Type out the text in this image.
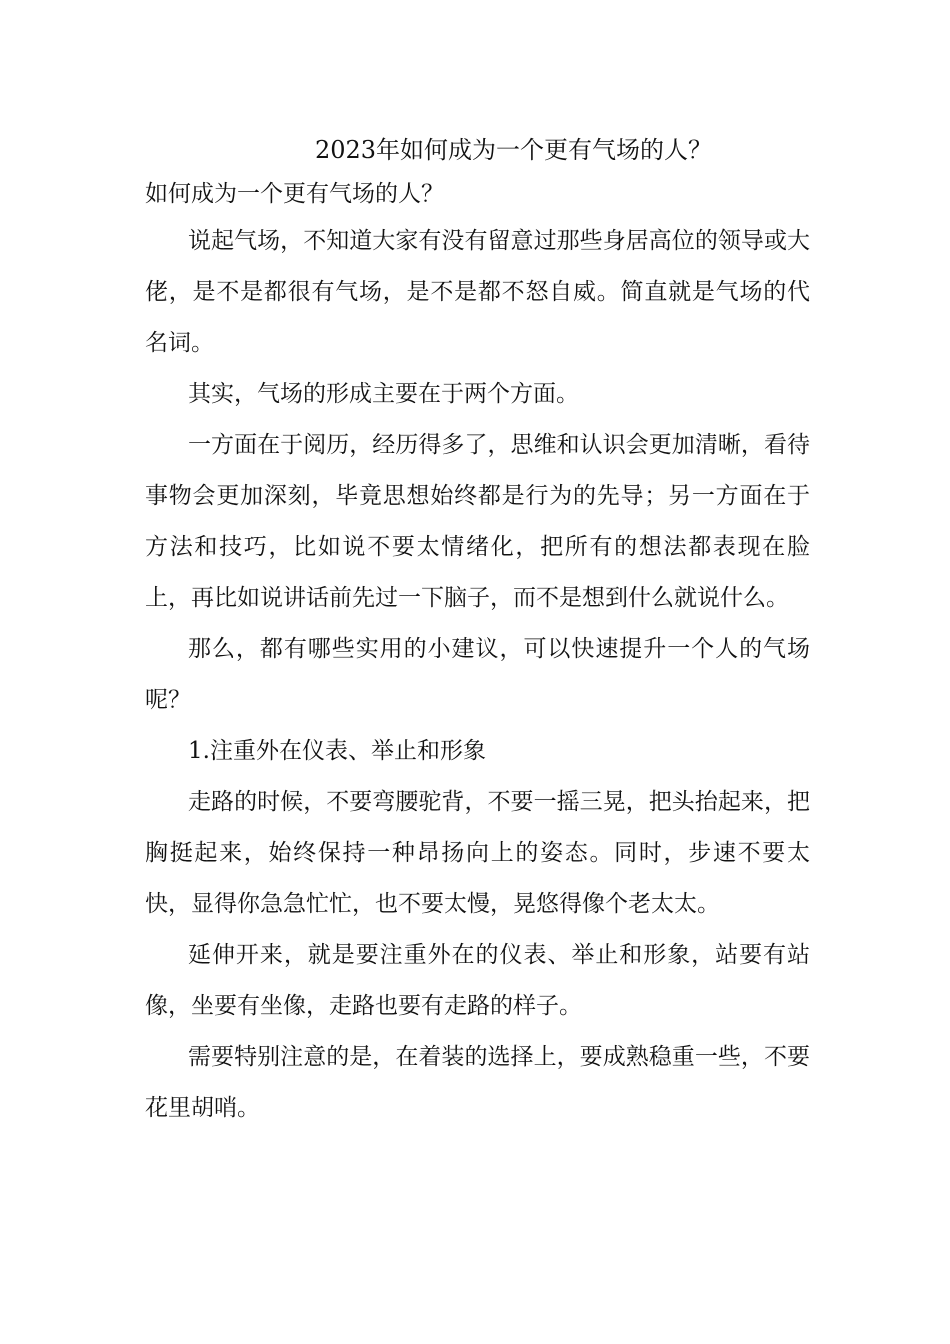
2023年如何成为一个更有气场的人？
如何成为一个更有气场的人？

说起气场，不知道大家有没有留意过那些身居高位的领导或大佬，是不是都很有气场，是不是都不怒自威。简直就是气场的代名词。

其实，气场的形成主要在于两个方面。

一方面在于阅历，经历得多了，思维和认识会更加清晰，看待事物会更加深刻，毕竟思想始终都是行为的先导；另一方面在于方法和技巧，比如说不要太情绪化，把所有的想法都表现在脸上，再比如说讲话前先过一下脑子，而不是想到什么就说什么。

那么，都有哪些实用的小建议，可以快速提升一个人的气场呢？

1.注重外在仪表、举止和形象

走路的时候，不要弯腰驼背，不要一摇三晃，把头抬起来，把胸挺起来，始终保持一种昂扬向上的姿态。同时，步速不要太快，显得你急急忙忙，也不要太慢，晃悠得像个老太太。

延伸开来，就是要注重外在的仪表、举止和形象，站要有站像，坐要有坐像，走路也要有走路的样子。

需要特别注意的是，在着装的选择上，要成熟稳重一些，不要花里胡哨。
